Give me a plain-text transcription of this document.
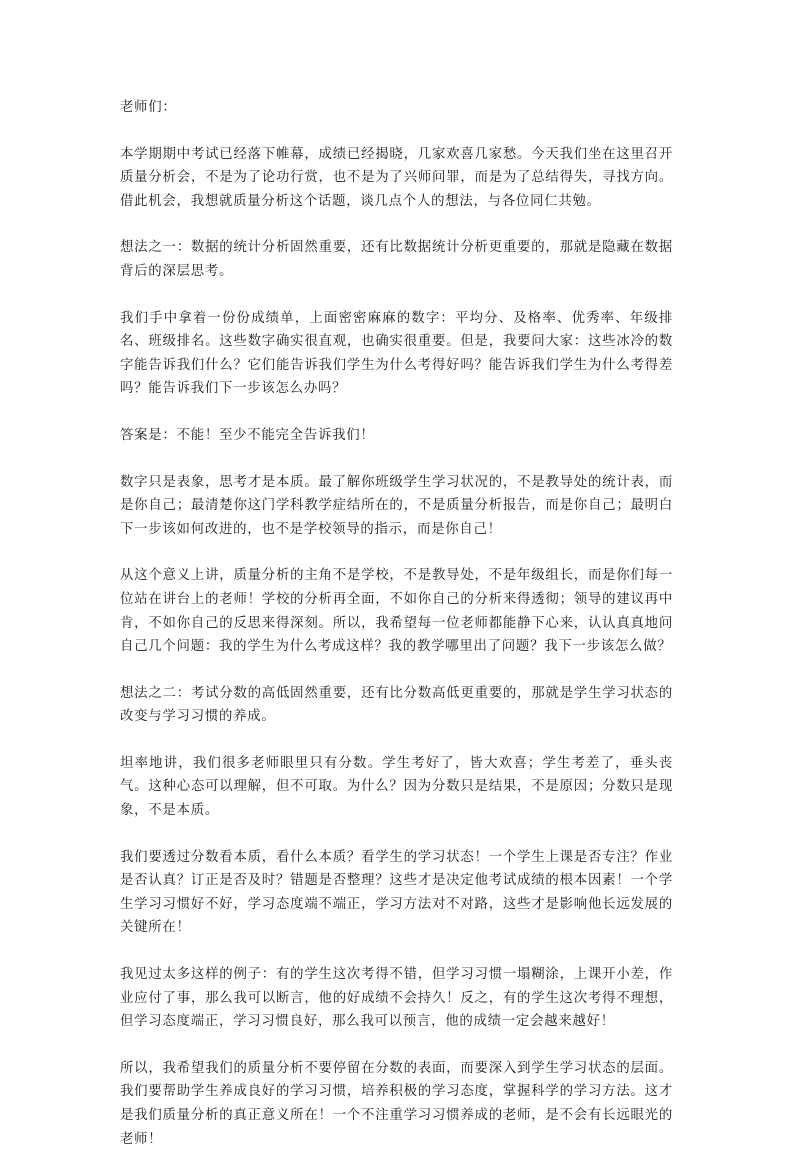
老师们：

本学期期中考试已经落下帷幕，成绩已经揭晓，几家欢喜几家愁。今天我们坐在这里召开质量分析会，不是为了论功行赏，也不是为了兴师问罪，而是为了总结得失，寻找方向。借此机会，我想就质量分析这个话题，谈几点个人的想法，与各位同仁共勉。

想法之一：数据的统计分析固然重要，还有比数据统计分析更重要的，那就是隐藏在数据背后的深层思考。

我们手中拿着一份份成绩单，上面密密麻麻的数字：平均分、及格率、优秀率、年级排名、班级排名。这些数字确实很直观，也确实很重要。但是，我要问大家：这些冰冷的数字能告诉我们什么？它们能告诉我们学生为什么考得好吗？能告诉我们学生为什么考得差吗？能告诉我们下一步该怎么办吗？

答案是：不能！至少不能完全告诉我们！

数字只是表象，思考才是本质。最了解你班级学生学习状况的，不是教导处的统计表，而是你自己；最清楚你这门学科教学症结所在的，不是质量分析报告，而是你自己；最明白下一步该如何改进的，也不是学校领导的指示，而是你自己！

从这个意义上讲，质量分析的主角不是学校，不是教导处，不是年级组长，而是你们每一位站在讲台上的老师！学校的分析再全面，不如你自己的分析来得透彻；领导的建议再中肯，不如你自己的反思来得深刻。所以，我希望每一位老师都能静下心来，认认真真地问自己几个问题：我的学生为什么考成这样？我的教学哪里出了问题？我下一步该怎么做？

想法之二：考试分数的高低固然重要，还有比分数高低更重要的，那就是学生学习状态的改变与学习习惯的养成。

坦率地讲，我们很多老师眼里只有分数。学生考好了，皆大欢喜；学生考差了，垂头丧气。这种心态可以理解，但不可取。为什么？因为分数只是结果，不是原因；分数只是现象，不是本质。

我们要透过分数看本质，看什么本质？看学生的学习状态！一个学生上课是否专注？作业是否认真？订正是否及时？错题是否整理？这些才是决定他考试成绩的根本因素！一个学生学习习惯好不好，学习态度端不端正，学习方法对不对路，这些才是影响他长远发展的关键所在！

我见过太多这样的例子：有的学生这次考得不错，但学习习惯一塌糊涂，上课开小差，作业应付了事，那么我可以断言，他的好成绩不会持久！反之，有的学生这次考得不理想，但学习态度端正，学习习惯良好，那么我可以预言，他的成绩一定会越来越好！

所以，我希望我们的质量分析不要停留在分数的表面，而要深入到学生学习状态的层面。我们要帮助学生养成良好的学习习惯，培养积极的学习态度，掌握科学的学习方法。这才是我们质量分析的真正意义所在！一个不注重学习习惯养成的老师，是不会有长远眼光的老师！
